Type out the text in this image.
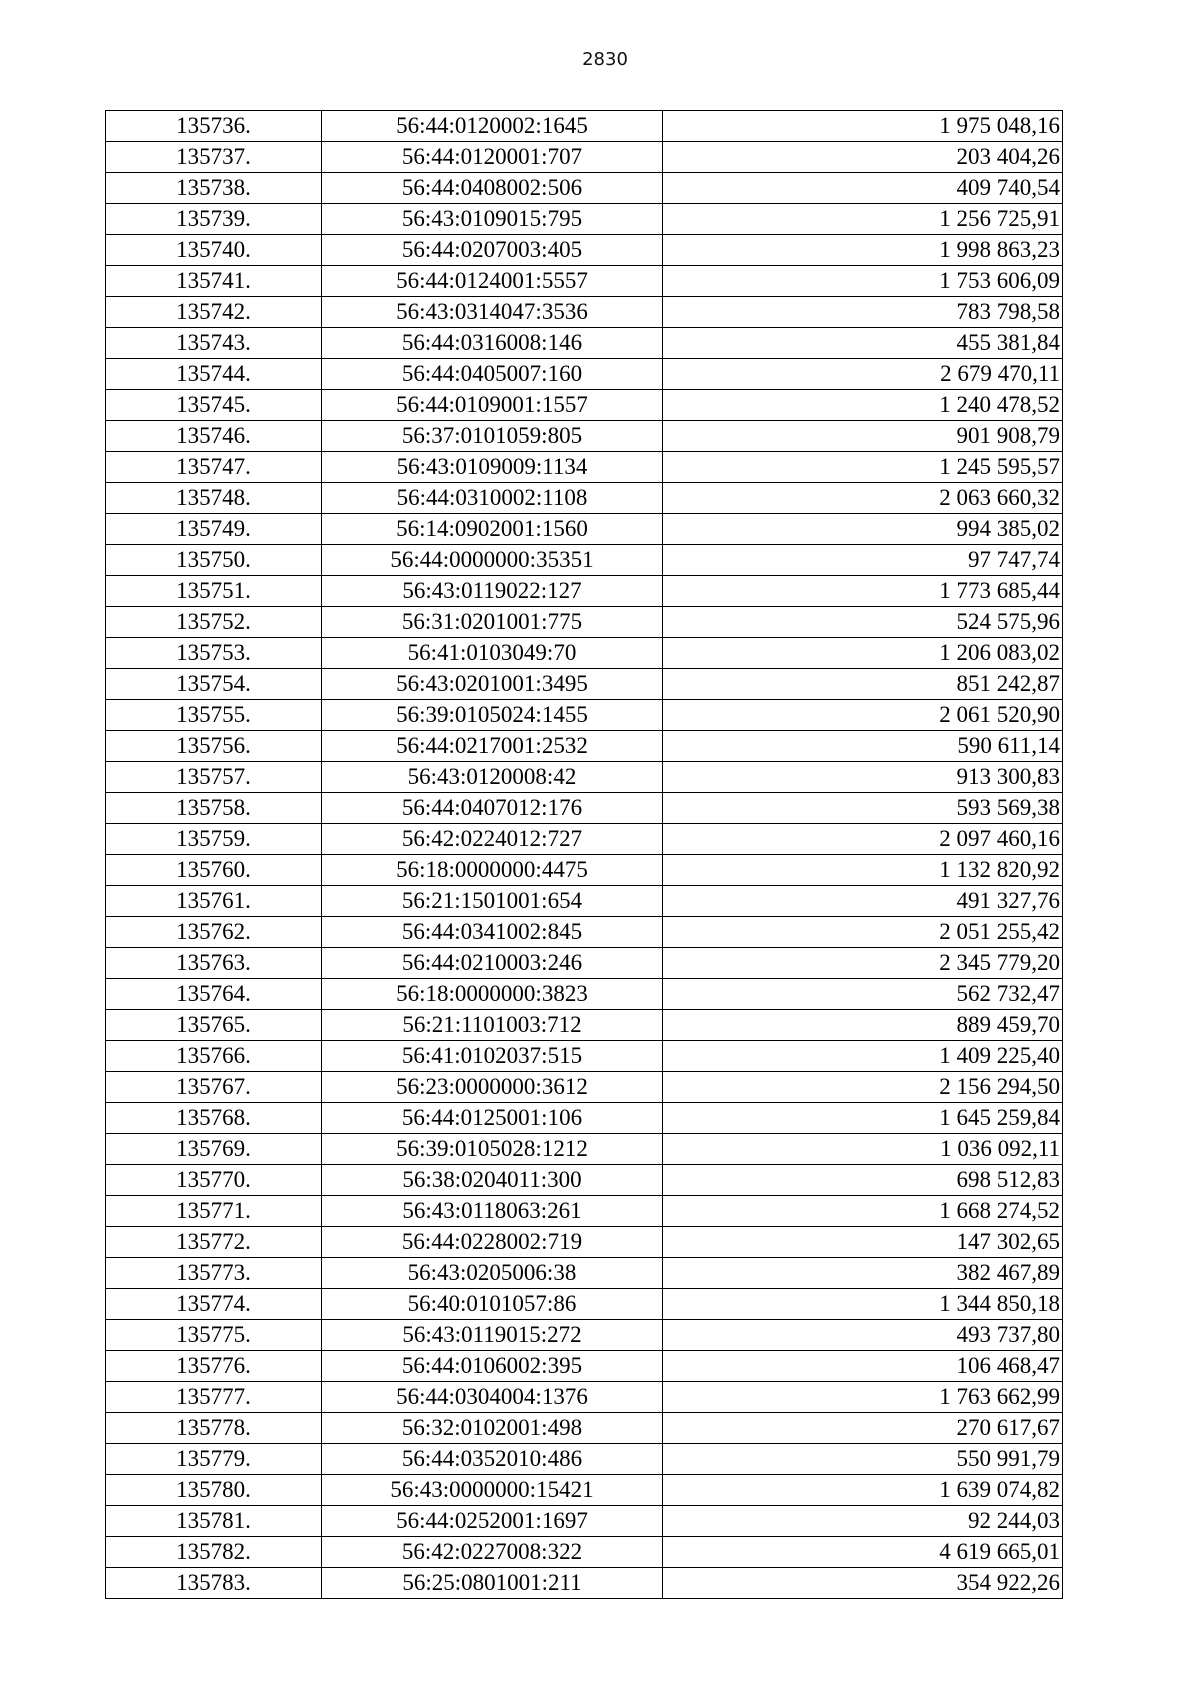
2830
135736.	56:44:0120002:1645	1 975 048,16
135737.	56:44:0120001:707	203 404,26
135738.	56:44:0408002:506	409 740,54
135739.	56:43:0109015:795	1 256 725,91
135740.	56:44:0207003:405	1 998 863,23
135741.	56:44:0124001:5557	1 753 606,09
135742.	56:43:0314047:3536	783 798,58
135743.	56:44:0316008:146	455 381,84
135744.	56:44:0405007:160	2 679 470,11
135745.	56:44:0109001:1557	1 240 478,52
135746.	56:37:0101059:805	901 908,79
135747.	56:43:0109009:1134	1 245 595,57
135748.	56:44:0310002:1108	2 063 660,32
135749.	56:14:0902001:1560	994 385,02
135750.	56:44:0000000:35351	97 747,74
135751.	56:43:0119022:127	1 773 685,44
135752.	56:31:0201001:775	524 575,96
135753.	56:41:0103049:70	1 206 083,02
135754.	56:43:0201001:3495	851 242,87
135755.	56:39:0105024:1455	2 061 520,90
135756.	56:44:0217001:2532	590 611,14
135757.	56:43:0120008:42	913 300,83
135758.	56:44:0407012:176	593 569,38
135759.	56:42:0224012:727	2 097 460,16
135760.	56:18:0000000:4475	1 132 820,92
135761.	56:21:1501001:654	491 327,76
135762.	56:44:0341002:845	2 051 255,42
135763.	56:44:0210003:246	2 345 779,20
135764.	56:18:0000000:3823	562 732,47
135765.	56:21:1101003:712	889 459,70
135766.	56:41:0102037:515	1 409 225,40
135767.	56:23:0000000:3612	2 156 294,50
135768.	56:44:0125001:106	1 645 259,84
135769.	56:39:0105028:1212	1 036 092,11
135770.	56:38:0204011:300	698 512,83
135771.	56:43:0118063:261	1 668 274,52
135772.	56:44:0228002:719	147 302,65
135773.	56:43:0205006:38	382 467,89
135774.	56:40:0101057:86	1 344 850,18
135775.	56:43:0119015:272	493 737,80
135776.	56:44:0106002:395	106 468,47
135777.	56:44:0304004:1376	1 763 662,99
135778.	56:32:0102001:498	270 617,67
135779.	56:44:0352010:486	550 991,79
135780.	56:43:0000000:15421	1 639 074,82
135781.	56:44:0252001:1697	92 244,03
135782.	56:42:0227008:322	4 619 665,01
135783.	56:25:0801001:211	354 922,26
